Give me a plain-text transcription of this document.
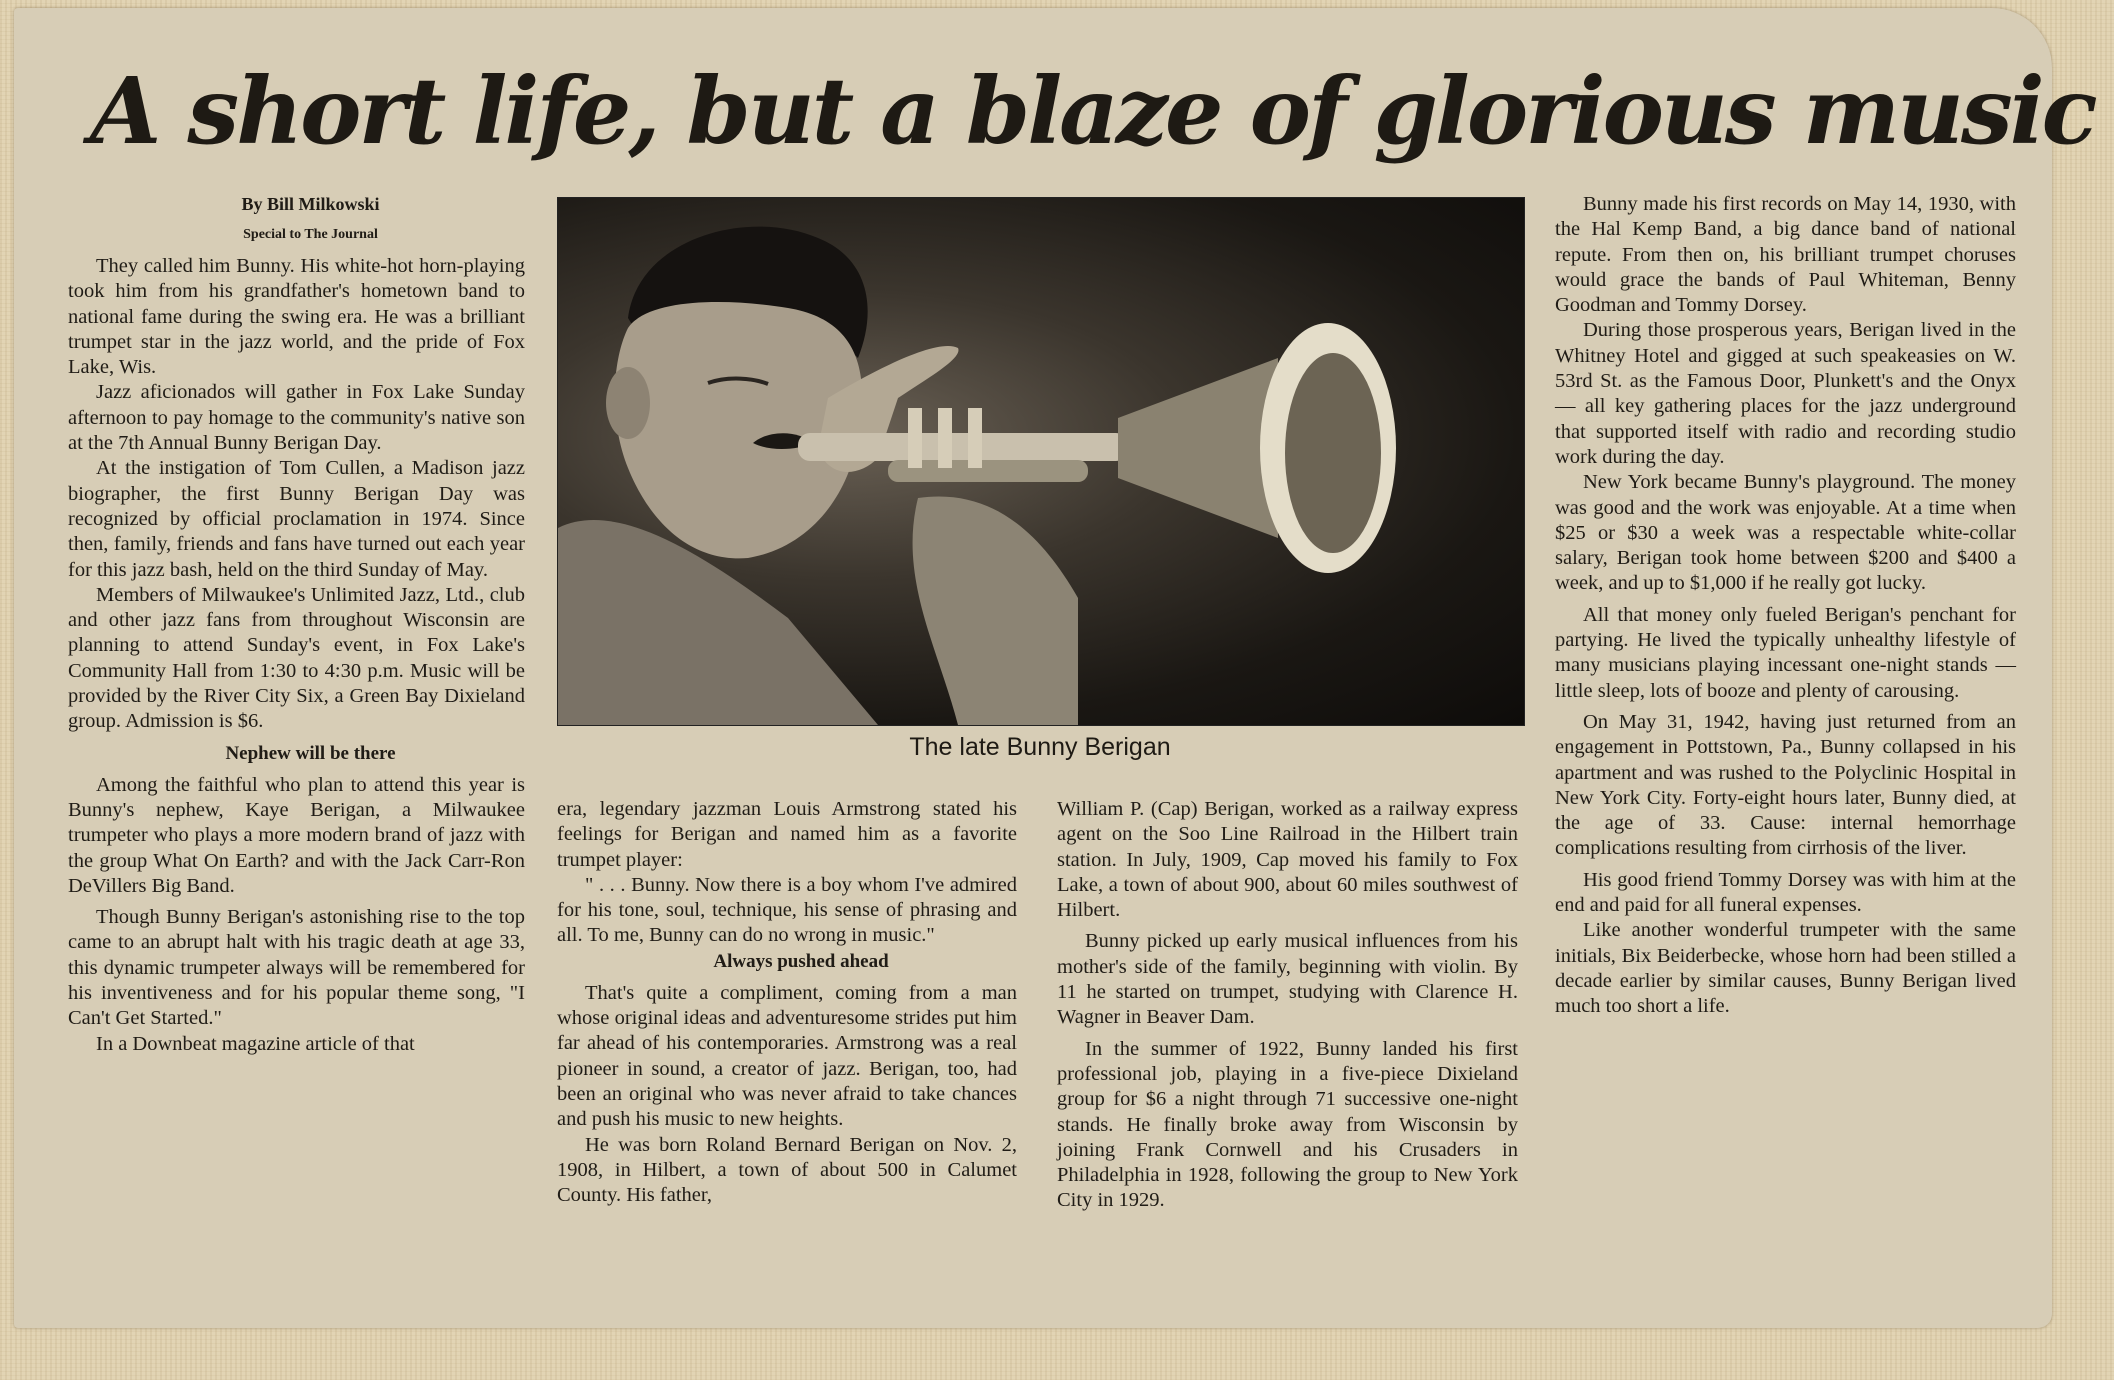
A short life, but a blaze of glorious music

By Bill Milkowski

Special to The Journal

They called him Bunny. His white-hot horn-playing took him from his grandfather's hometown band to national fame during the swing era. He was a brilliant trumpet star in the jazz world, and the pride of Fox Lake, Wis.

Jazz aficionados will gather in Fox Lake Sunday afternoon to pay homage to the community's native son at the 7th Annual Bunny Berigan Day.

At the instigation of Tom Cullen, a Madison jazz biographer, the first Bunny Berigan Day was recognized by official proclamation in 1974. Since then, family, friends and fans have turned out each year for this jazz bash, held on the third Sunday of May.

Members of Milwaukee's Unlimited Jazz, Ltd., club and other jazz fans from throughout Wisconsin are planning to attend Sunday's event, in Fox Lake's Community Hall from 1:30 to 4:30 p.m. Music will be provided by the River City Six, a Green Bay Dixieland group. Admission is $6.

Nephew will be there

Among the faithful who plan to attend this year is Bunny's nephew, Kaye Berigan, a Milwaukee trumpeter who plays a more modern brand of jazz with the group What On Earth? and with the Jack Carr-Ron DeVillers Big Band.

Though Bunny Berigan's astonishing rise to the top came to an abrupt halt with his tragic death at age 33, this dynamic trumpeter always will be remembered for his inventiveness and for his popular theme song, "I Can't Get Started."

In a Downbeat magazine article of that

The late Bunny Berigan

era, legendary jazzman Louis Armstrong stated his feelings for Berigan and named him as a favorite trumpet player:

" . . . Bunny. Now there is a boy whom I've admired for his tone, soul, technique, his sense of phrasing and all. To me, Bunny can do no wrong in music."

Always pushed ahead

That's quite a compliment, coming from a man whose original ideas and adventuresome strides put him far ahead of his contemporaries. Armstrong was a real pioneer in sound, a creator of jazz. Berigan, too, had been an original who was never afraid to take chances and push his music to new heights.

He was born Roland Bernard Berigan on Nov. 2, 1908, in Hilbert, a town of about 500 in Calumet County. His father,

William P. (Cap) Berigan, worked as a railway express agent on the Soo Line Railroad in the Hilbert train station. In July, 1909, Cap moved his family to Fox Lake, a town of about 900, about 60 miles southwest of Hilbert.

Bunny picked up early musical influences from his mother's side of the family, beginning with violin. By 11 he started on trumpet, studying with Clarence H. Wagner in Beaver Dam.

In the summer of 1922, Bunny landed his first professional job, playing in a five-piece Dixieland group for $6 a night through 71 successive one-night stands. He finally broke away from Wisconsin by joining Frank Cornwell and his Crusaders in Philadelphia in 1928, following the group to New York City in 1929.

Bunny made his first records on May 14, 1930, with the Hal Kemp Band, a big dance band of national repute. From then on, his brilliant trumpet choruses would grace the bands of Paul Whiteman, Benny Goodman and Tommy Dorsey.

During those prosperous years, Berigan lived in the Whitney Hotel and gigged at such speakeasies on W. 53rd St. as the Famous Door, Plunkett's and the Onyx — all key gathering places for the jazz underground that supported itself with radio and recording studio work during the day.

New York became Bunny's playground. The money was good and the work was enjoyable. At a time when $25 or $30 a week was a respectable white-collar salary, Berigan took home between $200 and $400 a week, and up to $1,000 if he really got lucky.

All that money only fueled Berigan's penchant for partying. He lived the typically unhealthy lifestyle of many musicians playing incessant one-night stands — little sleep, lots of booze and plenty of carousing.

On May 31, 1942, having just returned from an engagement in Pottstown, Pa., Bunny collapsed in his apartment and was rushed to the Polyclinic Hospital in New York City. Forty-eight hours later, Bunny died, at the age of 33. Cause: internal hemorrhage complications resulting from cirrhosis of the liver.

His good friend Tommy Dorsey was with him at the end and paid for all funeral expenses.

Like another wonderful trumpeter with the same initials, Bix Beiderbecke, whose horn had been stilled a decade earlier by similar causes, Bunny Berigan lived much too short a life.
